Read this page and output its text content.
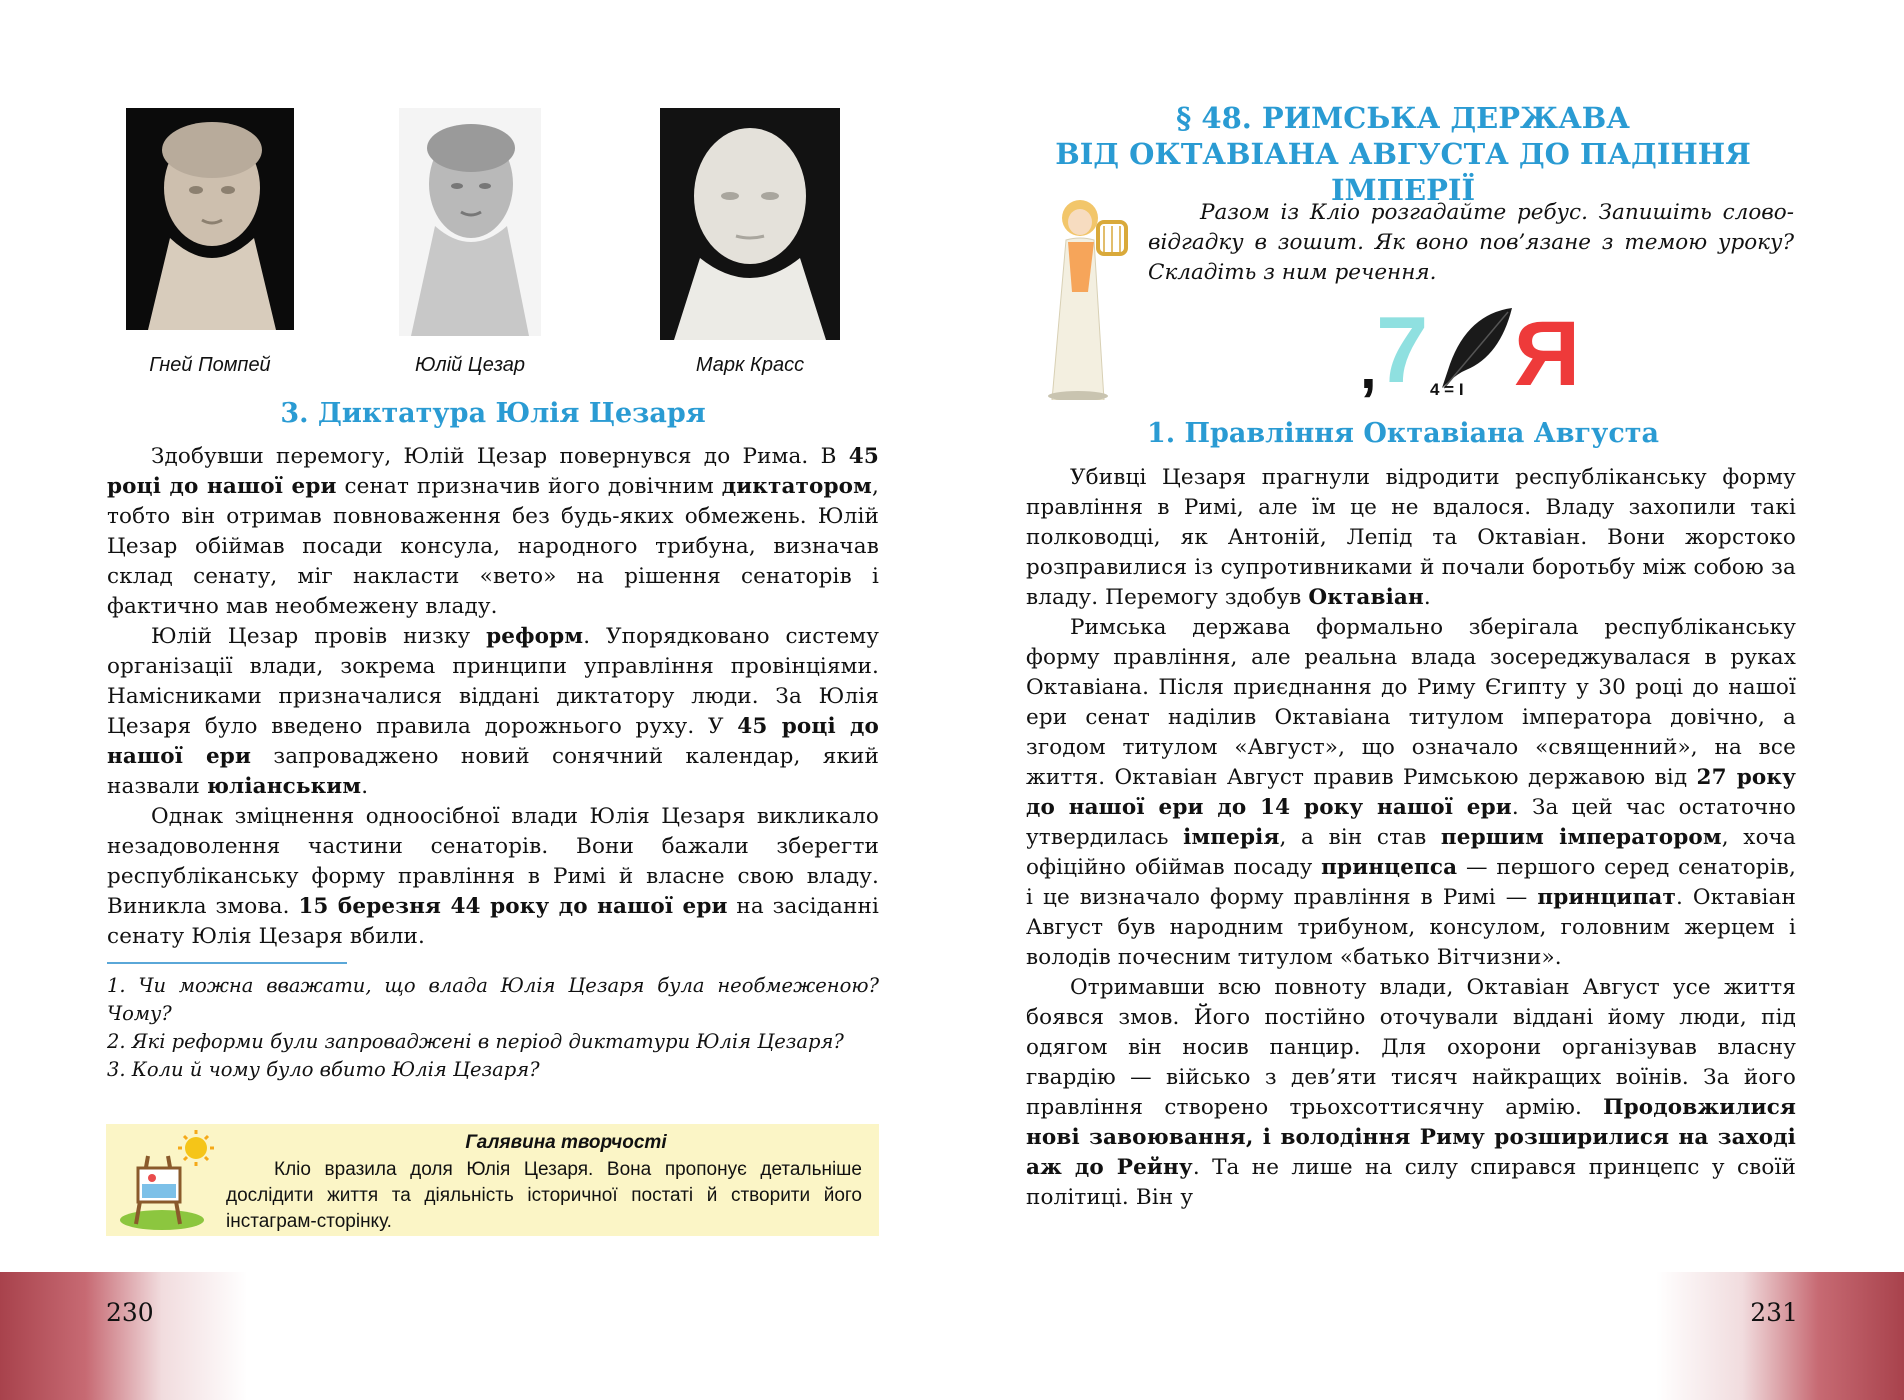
Гней Помпей	Юлій Цезар	Марк Красс
3. Диктатура Юлія Цезаря

Здобувши перемогу, Юлій Цезар повернувся до Рима. В 45 році до нашої ери сенат призначив його довічним диктатором, тобто він отримав повноваження без будь-яких обмежень. Юлій Цезар обіймав посади консула, народного трибуна, визначав склад сенату, міг накласти «вето» на рішення сенаторів і фактично мав необмежену владу.

Юлій Цезар провів низку реформ. Упорядковано систему організації влади, зокрема принципи управління провінціями. Намісниками призначалися віддані диктатору люди. За Юлія Цезаря було введено правила дорожнього руху. У 45 році до нашої ери запроваджено новий сонячний календар, який назвали юліанським.

Однак зміцнення одноосібної влади Юлія Цезаря викликало незадоволення частини сенаторів. Вони бажали зберегти республіканську форму правління в Римі й власне свою владу. Виникла змова. 15 березня 44 року до нашої ери на засіданні сенату Юлія Цезаря вбили.

1. Чи можна вважати, що влада Юлія Цезаря була необмеженою? Чому?
2. Які реформи були запроваджені в період диктатури Юлія Цезаря?
3. Коли й чому було вбито Юлія Цезаря?
Галявина творчості
Кліо вразила доля Юлія Цезаря. Вона пропонує детальніше дослідити життя та діяльність історичної постаті й створити його інстаграм-сторінку.
230
§ 48. РИМСЬКА ДЕРЖАВА
ВІД ОКТАВІАНА АВГУСТА ДО ПАДІННЯ ІМПЕРІЇ
Разом із Кліо розгадайте ребус. Запишіть слово-відгадку в зошит. Як воно пов’язане з темою уроку? Складіть з ним речення.
, 7 Я
4 = І
1. Правління Октавіана Августа

Убивці Цезаря прагнули відродити республіканську форму правління в Римі, але їм це не вдалося. Владу захопили такі полководці, як Антоній, Лепід та Октавіан. Вони жорстоко розправилися із супротивниками й почали боротьбу між собою за владу. Перемогу здобув Октавіан.

Римська держава формально зберігала республіканську форму правління, але реальна влада зосереджувалася в руках Октавіана. Після приєднання до Риму Єгипту у 30 році до нашої ери сенат наділив Октавіана титулом імператора довічно, а згодом титулом «Август», що означало «священний», на все життя. Октавіан Август правив Римською державою від 27 року до нашої ери до 14 року нашої ери. За цей час остаточно утвердилась імперія, а він став першим імператором, хоча офіційно обіймав посаду принцепса — першого серед сенаторів, і це визначало форму правління в Римі — принципат. Октавіан Август був народним трибуном, консулом, головним жерцем і володів почесним титулом «батько Вітчизни».

Отримавши всю повноту влади, Октавіан Август усе життя боявся змов. Його постійно оточували віддані йому люди, під одягом він носив панцир. Для охорони організував власну гвардію — військо з дев’яти тисяч найкращих воїнів. За його правління створено трьохсоттисячну армію. Продовжилися нові завоювання, і володіння Риму розширилися на заході аж до Рейну. Та не лише на силу спирався принцепс у своїй політиці. Він у

231
